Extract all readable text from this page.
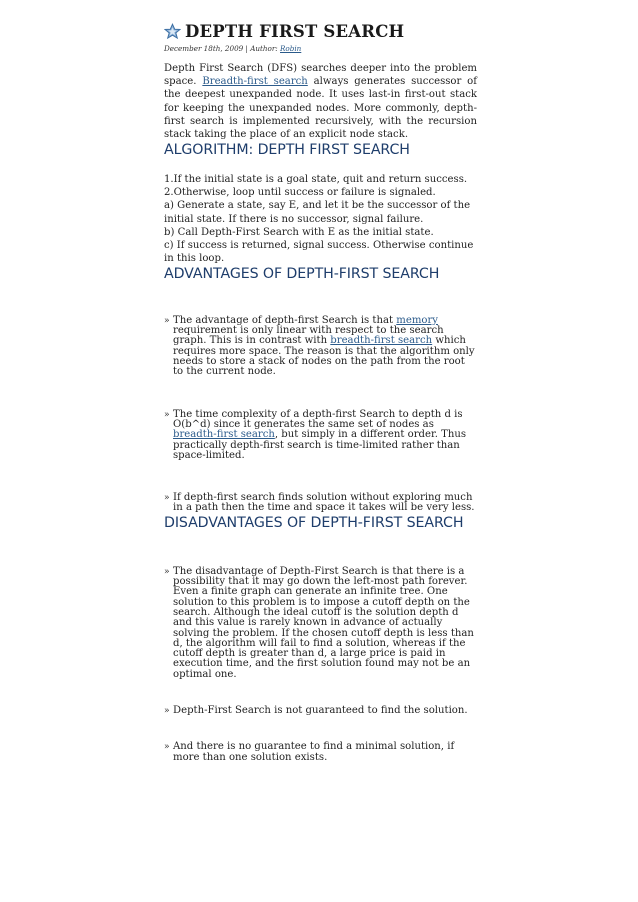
DEPTH FIRST SEARCH
December 18th, 2009 | Author: Robin

Depth First Search (DFS) searches deeper into the problem space. Breadth-first search always generates successor of the deepest unexpanded node. It uses last-in first-out stack for keeping the unexpanded nodes. More commonly, depth-first search is implemented recursively, with the recursion stack taking the place of an explicit node stack.

ALGORITHM: DEPTH FIRST SEARCH
1.If the initial state is a goal state, quit and return success.
2.Otherwise, loop until success or failure is signaled.
a) Generate a state, say E, and let it be the successor of the initial state. If there is no successor, signal failure.
b) Call Depth-First Search with E as the initial state.
c) If success is returned, signal success. Otherwise continue in this loop.
ADVANTAGES OF DEPTH-FIRST SEARCH
» The advantage of depth-first Search is that memory requirement is only linear with respect to the search graph. This is in contrast with breadth-first search which requires more space. The reason is that the algorithm only needs to store a stack of nodes on the path from the root to the current node.
» The time complexity of a depth-first Search to depth d is O(b^d) since it generates the same set of nodes as breadth-first search, but simply in a different order. Thus practically depth-first search is time-limited rather than space-limited.
» If depth-first search finds solution without exploring much in a path then the time and space it takes will be very less.
DISADVANTAGES OF DEPTH-FIRST SEARCH
» The disadvantage of Depth-First Search is that there is a possibility that it may go down the left-most path forever. Even a finite graph can generate an infinite tree. One solution to this problem is to impose a cutoff depth on the search. Although the ideal cutoff is the solution depth d and this value is rarely known in advance of actually solving the problem. If the chosen cutoff depth is less than d, the algorithm will fail to find a solution, whereas if the cutoff depth is greater than d, a large price is paid in execution time, and the first solution found may not be an optimal one.
» Depth-First Search is not guaranteed to find the solution.
» And there is no guarantee to find a minimal solution, if more than one solution exists.
